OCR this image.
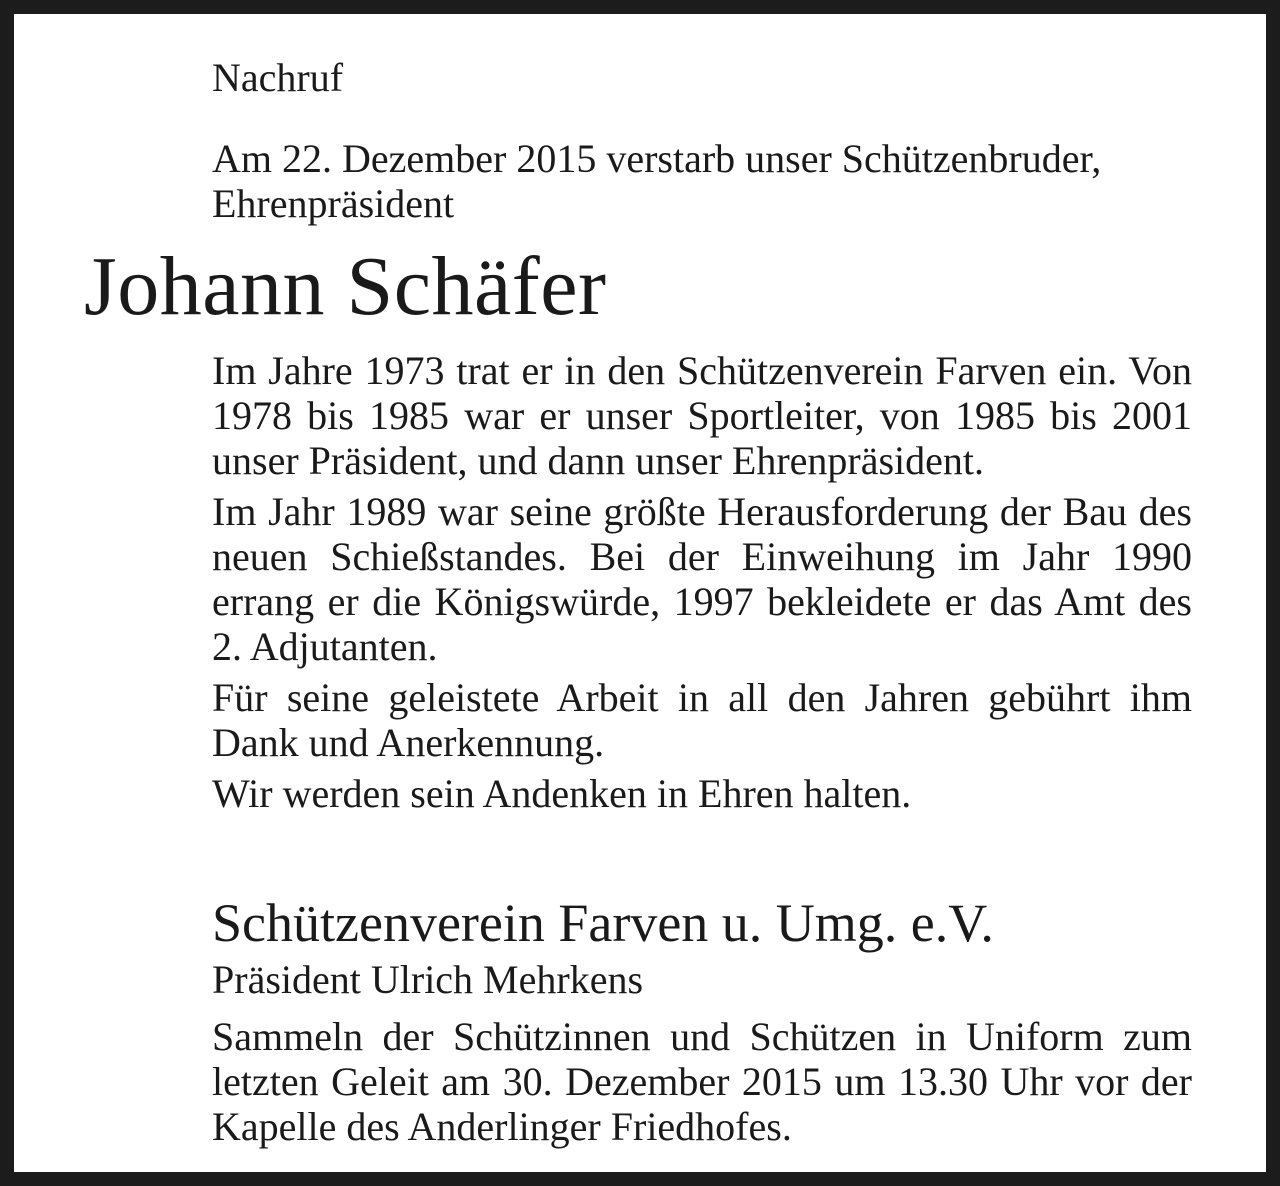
Nachruf
Am 22. Dezember 2015 verstarb unser Schützenbruder,
Ehrenpräsident
Johann Schäfer

Im Jahre 1973 trat er in den Schützenverein Farven ein. Von 1978 bis 1985 war er unser Sportleiter, von 1985 bis 2001 unser Präsident, und dann unser Ehrenpräsident.

Im Jahr 1989 war seine größte Herausforderung der Bau des neuen Schießstandes. Bei der Einweihung im Jahr 1990 errang er die Königswürde, 1997 bekleidete er das Amt des 2. Adjutanten.

Für seine geleistete Arbeit in all den Jahren gebührt ihm Dank und Anerkennung.

Wir werden sein Andenken in Ehren halten.

Schützenverein Farven u. Umg. e.V.
Präsident Ulrich Mehrkens
Sammeln der Schützinnen und Schützen in Uniform zum letzten Geleit am 30. Dezember 2015 um 13.30 Uhr vor der Kapelle des Anderlinger Friedhofes.
